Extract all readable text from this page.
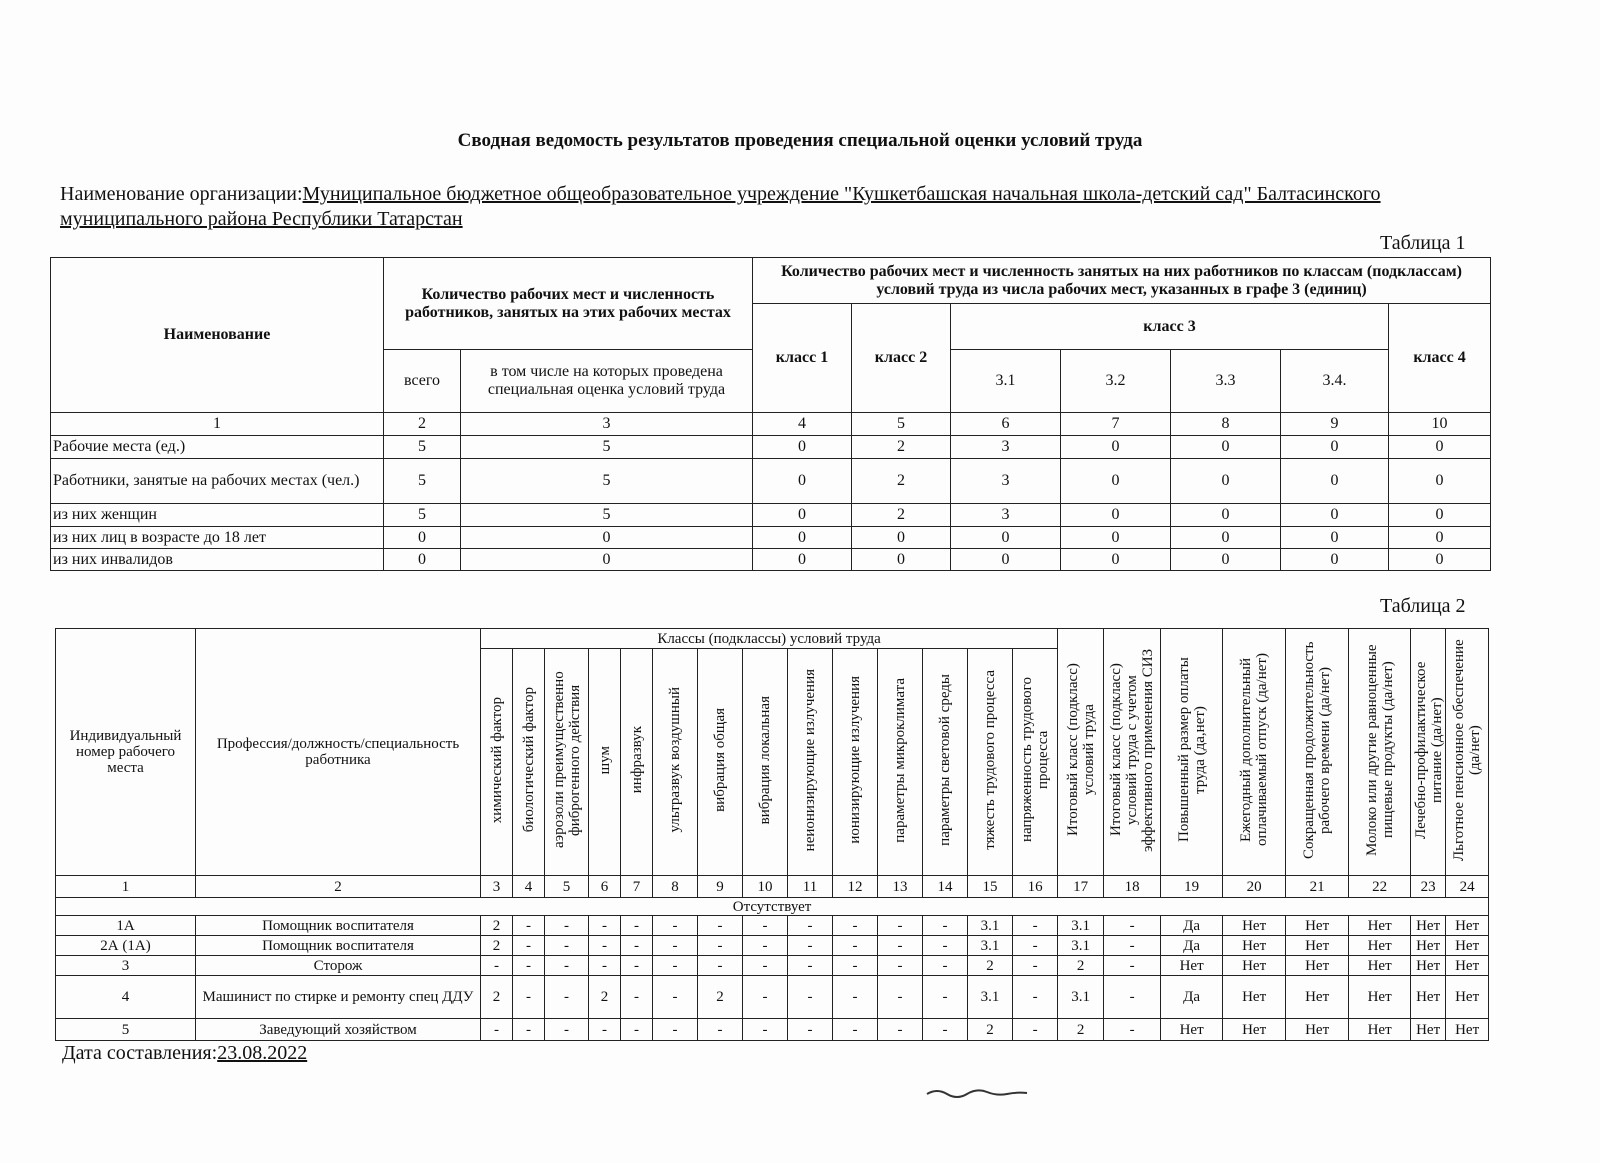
Сводная ведомость результатов проведения специальной оценки условий труда
Наименование организации:Муниципальное бюджетное общеобразовательное учреждение "Кушкетбашская начальная школа-детский сад" Балтасинского муниципального района Республики Татарстан
Таблица 1
Наименование	Количество рабочих мест и численность работников, занятых на этих рабочих местах		Количество рабочих мест и численность занятых на них работников по классам (подклассам) условий труда из числа рабочих мест, указанных в графе 3 (единиц)						
			класс 1	класс 2	класс 3				класс 4
	всего	в том числе на которых проведена специальная оценка условий труда			3.1	3.2	3.3	3.4.	
1	2	3	4	5	6	7	8	9	10
Рабочие места (ед.)	5	5	0	2	3	0	0	0	0
Работники, занятые на рабочих местах (чел.)	5	5	0	2	3	0	0	0	0
из них женщин	5	5	0	2	3	0	0	0	0
из них лиц в возрасте до 18 лет	0	0	0	0	0	0	0	0	0
из них инвалидов	0	0	0	0	0	0	0	0	0
Таблица 2
Индивидуальный номер рабочего места	Профессия/должность/специальность работника	Классы (подклассы) условий труда														Итоговый класс (подкласс) условий труда	Итоговый класс (подкласс) условий труда с учетом эффективного применения СИЗ	Повышенный размер оплаты труда (да,нет)	Ежегодный дополнительный оплачиваемый отпуск (да/нет)	Сокращенная продолжительность рабочего времени (да/нет)	Молоко или другие равноценные пищевые продукты (да/нет)	Лечебно-профилактическое питание (да/нет)	Льготное пенсионное обеспечение (да/нет)
		химический фактор	биологический фактор	аэрозоли преимущественно фиброгенного действия	шум	инфразвук	ультразвук воздушный	вибрация общая	вибрация локальная	неионизирующие излучения	ионизирующие излучения	параметры микроклимата	параметры световой среды	тяжесть трудового процесса	напряженность трудового процесса								
1	2	3	4	5	6	7	8	9	10	11	12	13	14	15	16	17	18	19	20	21	22	23	24
Отсутствует																							
1А	Помощник воспитателя	2	-	-	-	-	-	-	-	-	-	-	-	3.1	-	3.1	-	Да	Нет	Нет	Нет	Нет	Нет
2А (1А)	Помощник воспитателя	2	-	-	-	-	-	-	-	-	-	-	-	3.1	-	3.1	-	Да	Нет	Нет	Нет	Нет	Нет
3	Сторож	-	-	-	-	-	-	-	-	-	-	-	-	2	-	2	-	Нет	Нет	Нет	Нет	Нет	Нет
4	Машинист по стирке и ремонту спец ДДУ	2	-	-	2	-	-	2	-	-	-	-	-	3.1	-	3.1	-	Да	Нет	Нет	Нет	Нет	Нет
5	Заведующий хозяйством	-	-	-	-	-	-	-	-	-	-	-	-	2	-	2	-	Нет	Нет	Нет	Нет	Нет	Нет
Дата составления:23.08.2022
